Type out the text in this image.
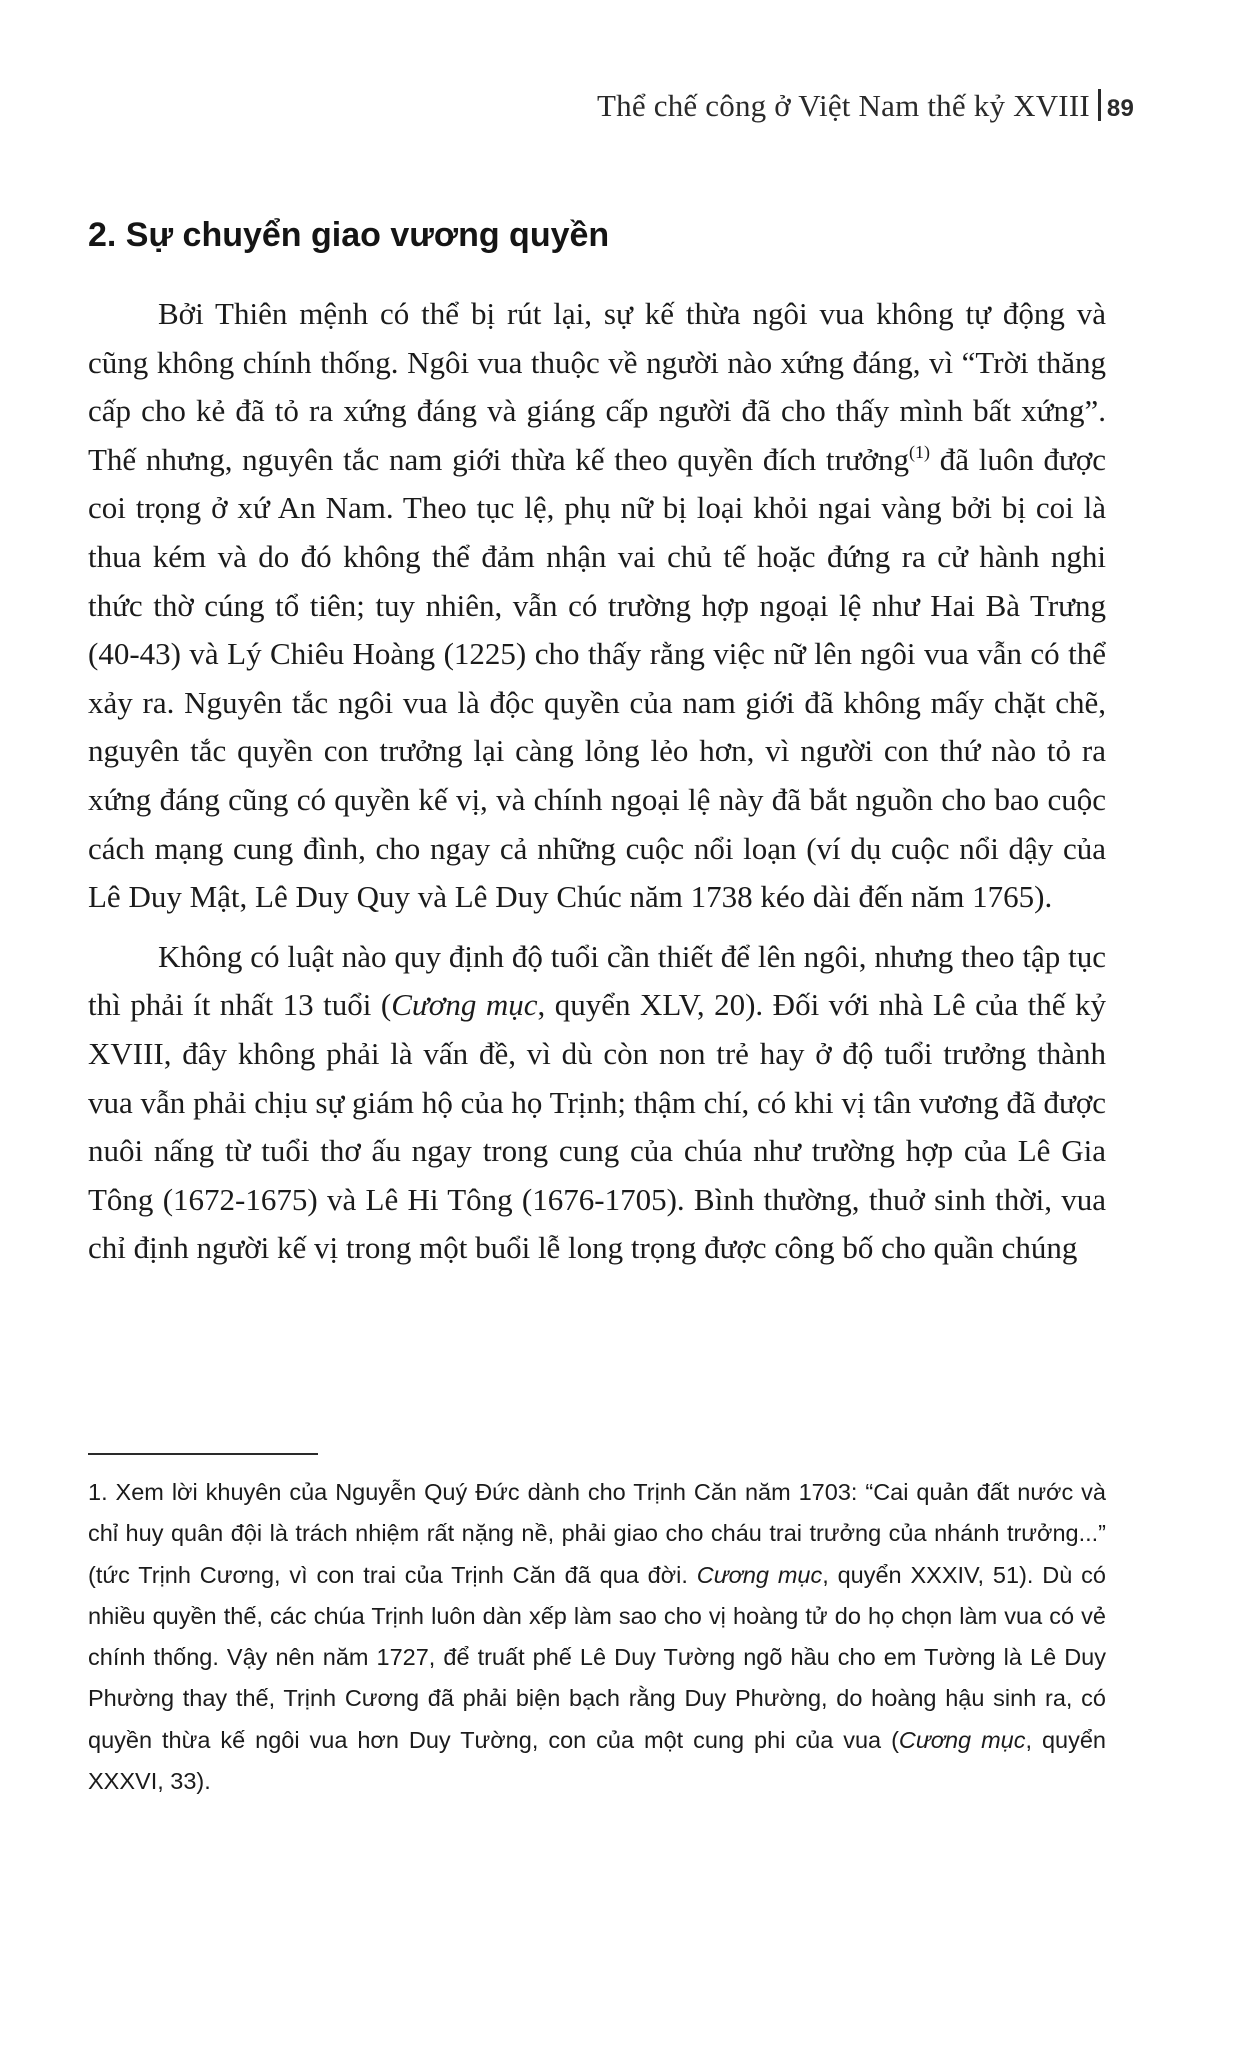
Thể chế công ở Việt Nam thế kỷ XVIII 89
2. Sự chuyển giao vương quyền

Bởi Thiên mệnh có thể bị rút lại, sự kế thừa ngôi vua không tự động và cũng không chính thống. Ngôi vua thuộc về người nào xứng đáng, vì “Trời thăng cấp cho kẻ đã tỏ ra xứng đáng và giáng cấp người đã cho thấy mình bất xứng”. Thế nhưng, nguyên tắc nam giới thừa kế theo quyền đích trưởng$^{(1)}$ đã luôn được coi trọng ở xứ An Nam. Theo tục lệ, phụ nữ bị loại khỏi ngai vàng bởi bị coi là thua kém và do đó không thể đảm nhận vai chủ tế hoặc đứng ra cử hành nghi thức thờ cúng tổ tiên; tuy nhiên, vẫn có trường hợp ngoại lệ như Hai Bà Trưng (40-43) và Lý Chiêu Hoàng (1225) cho thấy rằng việc nữ lên ngôi vua vẫn có thể xảy ra. Nguyên tắc ngôi vua là độc quyền của nam giới đã không mấy chặt chẽ, nguyên tắc quyền con trưởng lại càng lỏng lẻo hơn, vì người con thứ nào tỏ ra xứng đáng cũng có quyền kế vị, và chính ngoại lệ này đã bắt nguồn cho bao cuộc cách mạng cung đình, cho ngay cả những cuộc nổi loạn (ví dụ cuộc nổi dậy của Lê Duy Mật, Lê Duy Quy và Lê Duy Chúc năm 1738 kéo dài đến năm 1765).

Không có luật nào quy định độ tuổi cần thiết để lên ngôi, nhưng theo tập tục thì phải ít nhất 13 tuổi (Cương mục, quyển XLV, 20). Đối với nhà Lê của thế kỷ XVIII, đây không phải là vấn đề, vì dù còn non trẻ hay ở độ tuổi trưởng thành vua vẫn phải chịu sự giám hộ của họ Trịnh; thậm chí, có khi vị tân vương đã được nuôi nấng từ tuổi thơ ấu ngay trong cung của chúa như trường hợp của Lê Gia Tông (1672-1675) và Lê Hi Tông (1676-1705). Bình thường, thuở sinh thời, vua chỉ định người kế vị trong một buổi lễ long trọng được công bố cho quần chúng

1. Xem lời khuyên của Nguyễn Quý Đức dành cho Trịnh Căn năm 1703: “Cai quản đất nước và chỉ huy quân đội là trách nhiệm rất nặng nề, phải giao cho cháu trai trưởng của nhánh trưởng...” (tức Trịnh Cương, vì con trai của Trịnh Căn đã qua đời. Cương mục, quyển XXXIV, 51). Dù có nhiều quyền thế, các chúa Trịnh luôn dàn xếp làm sao cho vị hoàng tử do họ chọn làm vua có vẻ chính thống. Vậy nên năm 1727, để truất phế Lê Duy Tường ngõ hầu cho em Tường là Lê Duy Phường thay thế, Trịnh Cương đã phải biện bạch rằng Duy Phường, do hoàng hậu sinh ra, có quyền thừa kế ngôi vua hơn Duy Tường, con của một cung phi của vua (Cương mục, quyển XXXVI, 33).
